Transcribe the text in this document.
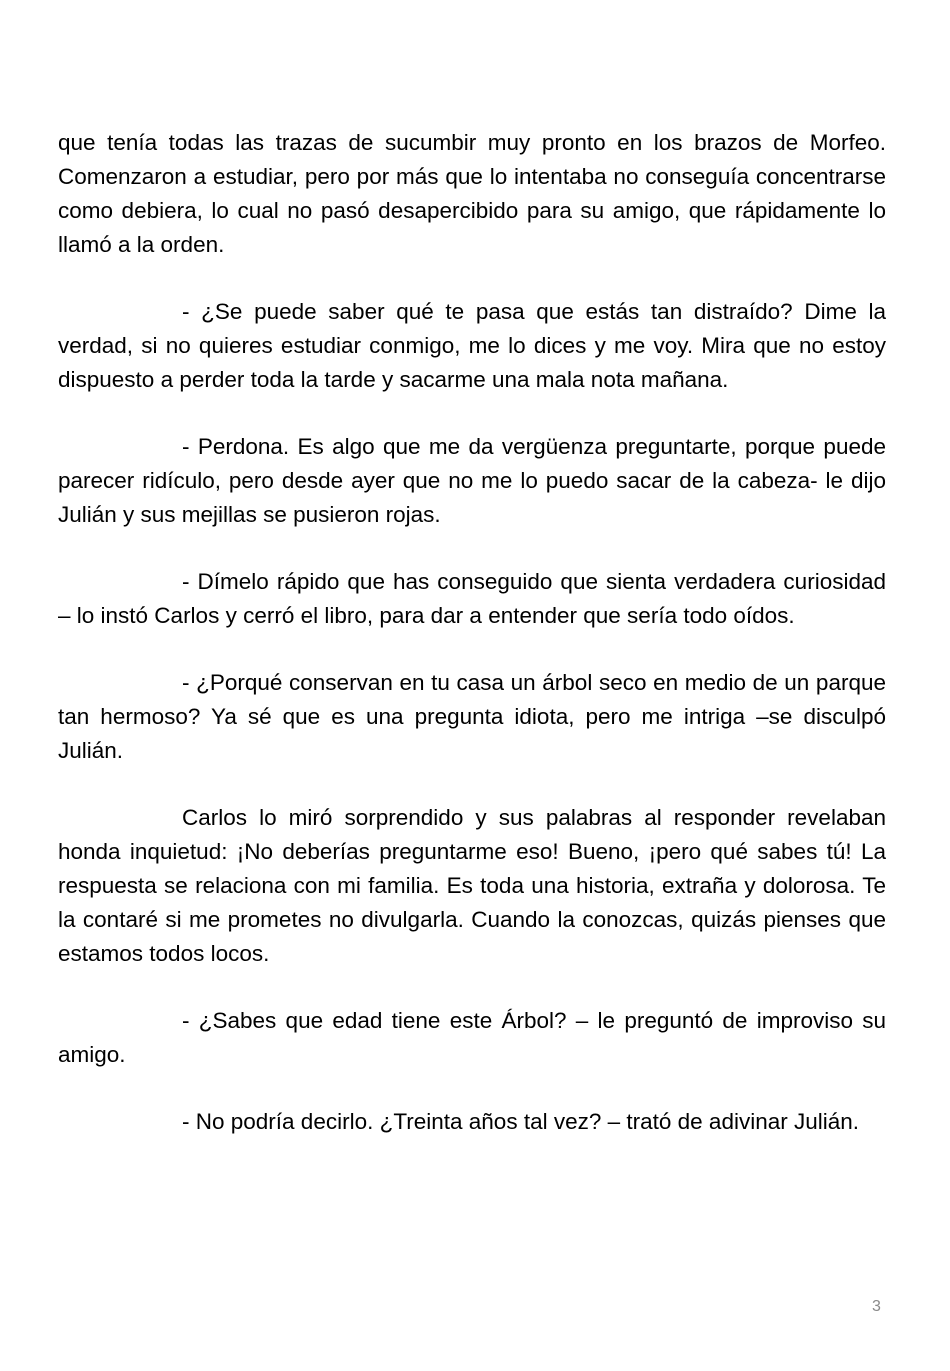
que tenía todas las trazas de sucumbir muy pronto en los brazos de Morfeo. Comenzaron a estudiar, pero por más que lo intentaba no conseguía concentrarse como debiera, lo cual no pasó desapercibido para su amigo, que rápidamente lo llamó a la orden.

- ¿Se puede saber qué te pasa que estás tan distraído? Dime la verdad, si no quieres estudiar conmigo, me lo dices y me voy. Mira que no estoy dispuesto a perder toda la tarde y sacarme una mala nota mañana.

- Perdona. Es algo que me da vergüenza preguntarte, porque puede parecer ridículo, pero desde ayer que no me lo puedo sacar de la cabeza- le dijo Julián y sus mejillas se pusieron rojas.

- Dímelo rápido que has conseguido que sienta verdadera curiosidad – lo instó Carlos y cerró el libro, para dar a entender que sería todo oídos.

- ¿Porqué conservan en tu casa un árbol seco en medio de un parque tan hermoso? Ya sé que es una pregunta idiota, pero me intriga –se disculpó Julián.

Carlos lo miró sorprendido y sus palabras al responder revelaban honda inquietud: ¡No deberías preguntarme eso! Bueno, ¡pero qué sabes tú! La respuesta se relaciona con mi familia. Es toda una historia, extraña y dolorosa. Te la contaré si me prometes no divulgarla. Cuando la conozcas, quizás pienses que estamos todos locos.

- ¿Sabes que edad tiene este Árbol? – le preguntó de improviso su amigo.

- No podría decirlo. ¿Treinta años tal vez? – trató de adivinar Julián.

3
